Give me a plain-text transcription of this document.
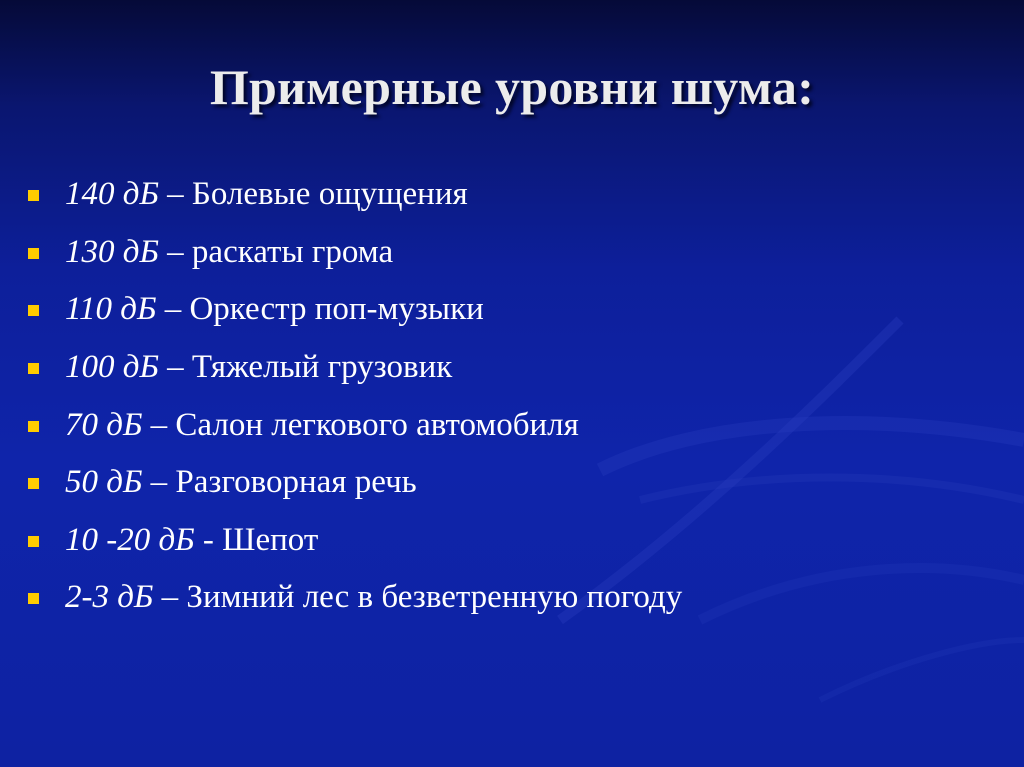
Примерные уровни шума:
140 дБ – Болевые ощущения
130 дБ – раскаты грома
110 дБ – Оркестр поп-музыки
100 дБ – Тяжелый грузовик
70 дБ – Салон легкового автомобиля
50 дБ – Разговорная речь
10 -20 дБ - Шепот
2-3 дБ – Зимний лес в безветренную погоду
